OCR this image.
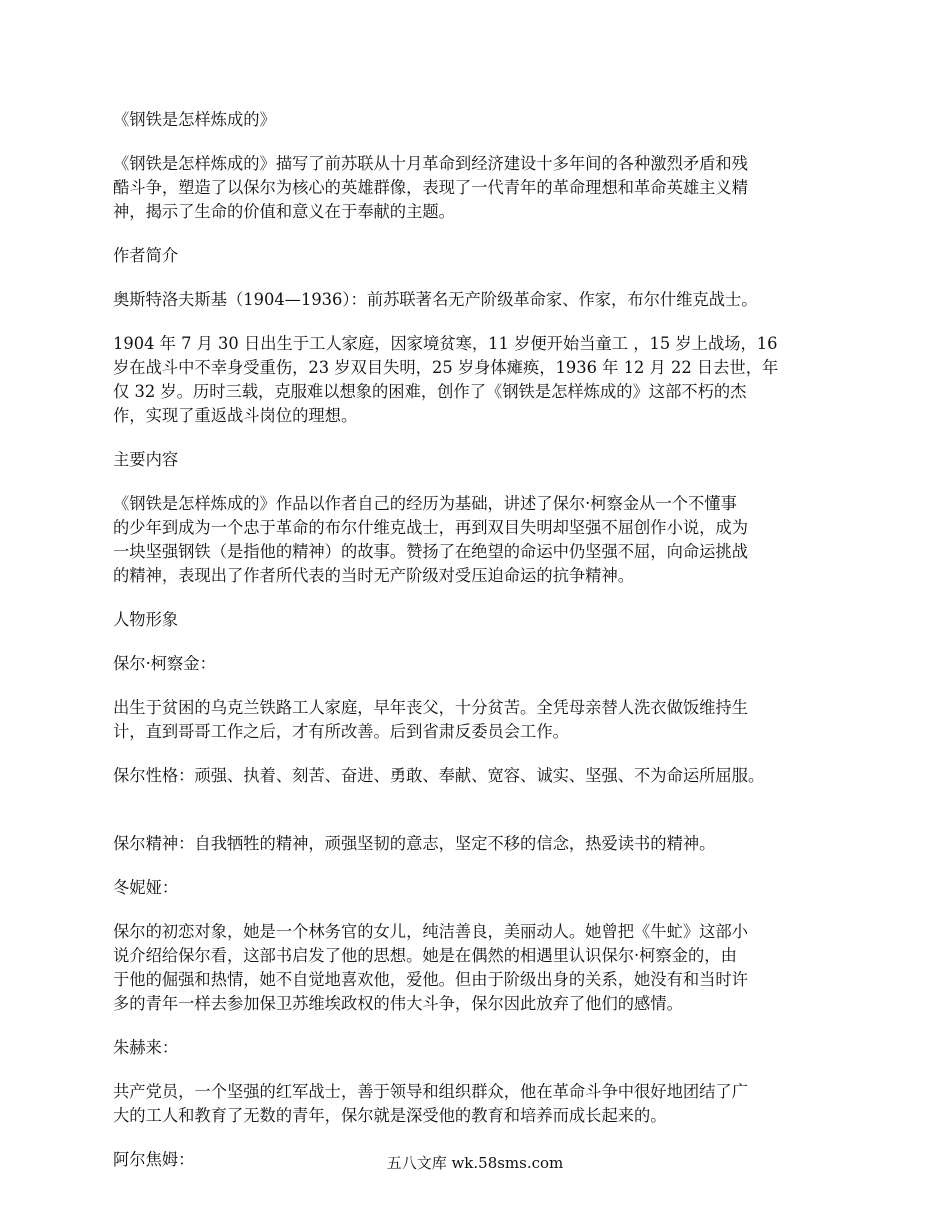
《钢铁是怎样炼成的》

《钢铁是怎样炼成的》描写了前苏联从十月革命到经济建设十多年间的各种激烈矛盾和残
酷斗争，塑造了以保尔为核心的英雄群像，表现了一代青年的革命理想和革命英雄主义精
神，揭示了生命的价值和意义在于奉献的主题。

作者简介

奥斯特洛夫斯基（1904—1936）：前苏联著名无产阶级革命家、作家，布尔什维克战士。

1904 年 7 月 30 日出生于工人家庭，因家境贫寒，11 岁便开始当童工 ，15 岁上战场，16
岁在战斗中不幸身受重伤，23 岁双目失明，25 岁身体瘫痪，1936 年 12 月 22 日去世，年
仅 32 岁。历时三载，克服难以想象的困难，创作了《钢铁是怎样炼成的》这部不朽的杰
作，实现了重返战斗岗位的理想。

主要内容

《钢铁是怎样炼成的》作品以作者自己的经历为基础，讲述了保尔·柯察金从一个不懂事
的少年到成为一个忠于革命的布尔什维克战士，再到双目失明却坚强不屈创作小说，成为
一块坚强钢铁（是指他的精神）的故事。赞扬了在绝望的命运中仍坚强不屈，向命运挑战
的精神，表现出了作者所代表的当时无产阶级对受压迫命运的抗争精神。

人物形象

保尔·柯察金：

出生于贫困的乌克兰铁路工人家庭，早年丧父，十分贫苦。全凭母亲替人洗衣做饭维持生
计，直到哥哥工作之后，才有所改善。后到省肃反委员会工作。

保尔性格：顽强、执着、刻苦、奋进、勇敢、奉献、宽容、诚实、坚强、不为命运所屈服。

保尔精神：自我牺牲的精神，顽强坚韧的意志，坚定不移的信念，热爱读书的精神。

冬妮娅：

保尔的初恋对象，她是一个林务官的女儿，纯洁善良，美丽动人。她曾把《牛虻》这部小
说介绍给保尔看，这部书启发了他的思想。她是在偶然的相遇里认识保尔·柯察金的，由
于他的倔强和热情，她不自觉地喜欢他，爱他。但由于阶级出身的关系，她没有和当时许
多的青年一样去参加保卫苏维埃政权的伟大斗争，保尔因此放弃了他们的感情。

朱赫来：

共产党员，一个坚强的红军战士，善于领导和组织群众，他在革命斗争中很好地团结了广
大的工人和教育了无数的青年，保尔就是深受他的教育和培养而成长起来的。

阿尔焦姆：	五八文库 wk.58sms.com
